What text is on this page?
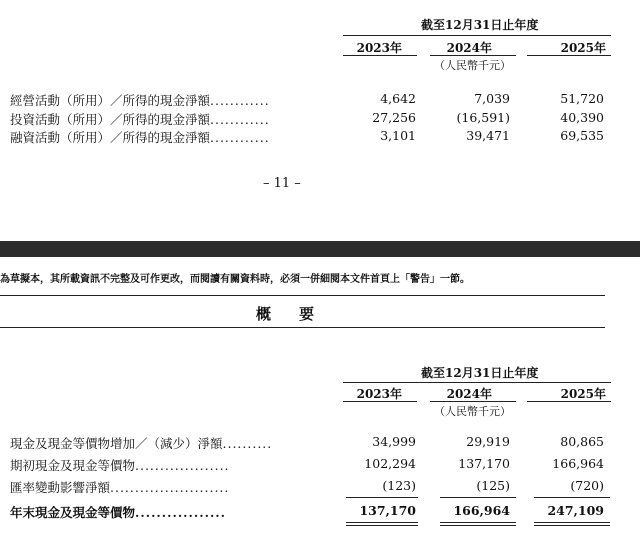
截至12月31日止年度
2023年	2024年	2025年
（人民幣千元）
經營活動（所用）／所得的現金淨額............	4,642	7,039	51,720
投資活動（所用）／所得的現金淨額............	27,256	(16,591)	40,390
融資活動（所用）／所得的現金淨額............	3,101	39,471	69,535
– 11 –
為草擬本，其所載資訊不完整及可作更改，而閱讀有關資料時，必須一併細閱本文件首頁上「警告」一節。
概要
截至12月31日止年度
2023年	2024年	2025年
（人民幣千元）
現金及現金等價物增加／（減少）淨額..........	34,999	29,919	80,865
期初現金及現金等價物...................	102,294	137,170	166,964
匯率變動影響淨額........................	(123)	(125)	(720)
年末現金及現金等價物.................	137,170	166,964	247,109
